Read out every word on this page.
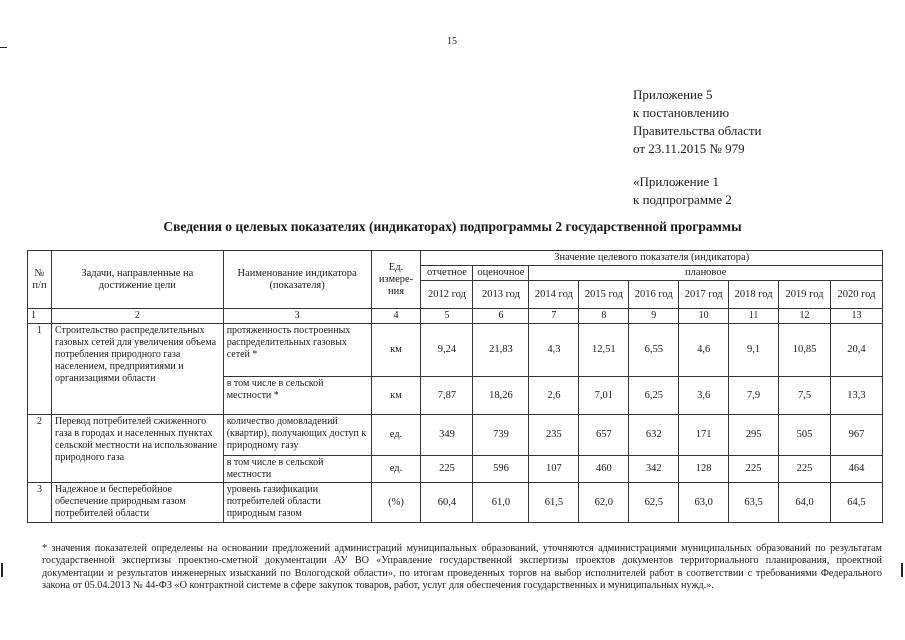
15
Приложение 5
к постановлению
Правительства области
от 23.11.2015 № 979
«Приложение 1
к подпрограмме 2
Сведения о целевых показателях (индикаторах) подпрограммы 2 государственной программы
№ п/п	Задачи, направленные на достижение цели	Наименование индикатора (показателя)	Ед. измере-ния	Значение целевого показателя (индикатора)								
				отчетное	оценочное	плановое						
				2012 год	2013 год	2014 год	2015 год	2016 год	2017 год	2018 год	2019 год	2020 год
1	2	3	4	5	6	7	8	9	10	11	12	13
1	Строительство распределительных газовых сетей для увеличения объема потребления природного газа населением, предприятиями и организациями области	протяженность построенных распределительных газовых сетей *	км	9,24	21,83	4,3	12,51	6,55	4,6	9,1	10,85	20,4
		в том числе в сельской местности *	км	7,87	18,26	2,6	7,01	6,25	3,6	7,9	7,5	13,3
2	Перевод потребителей сжиженного газа в городах и населенных пунктах сельской местности на использование природного газа	количество домовладений (квартир), получающих доступ к природному газу	ед.	349	739	235	657	632	171	295	505	967
		в том числе в сельской местности	ед.	225	596	107	460	342	128	225	225	464
3	Надежное и бесперебойное обеспечение природным газом потребителей области	уровень газификации потребителей области природным газом	(%)	60,4	61,0	61,5	62,0	62,5	63,0	63,5	64,0	64,5
* значения показателей определены на основании предложений администраций муниципальных образований, уточняются администрациями муниципальных образований по результатам государственной экспертизы проектно-сметной документации АУ ВО «Управление государственной экспертизы проектов документов территориального планирования, проектной документации и результатов инженерных изысканий по Вологодской области», по итогам проведенных торгов на выбор исполнителей работ в соответствии с требованиями Федерального закона от 05.04.2013 № 44-ФЗ «О контрактной системе в сфере закупок товаров, работ, услуг для обеспечения государственных и муниципальных нужд.».
